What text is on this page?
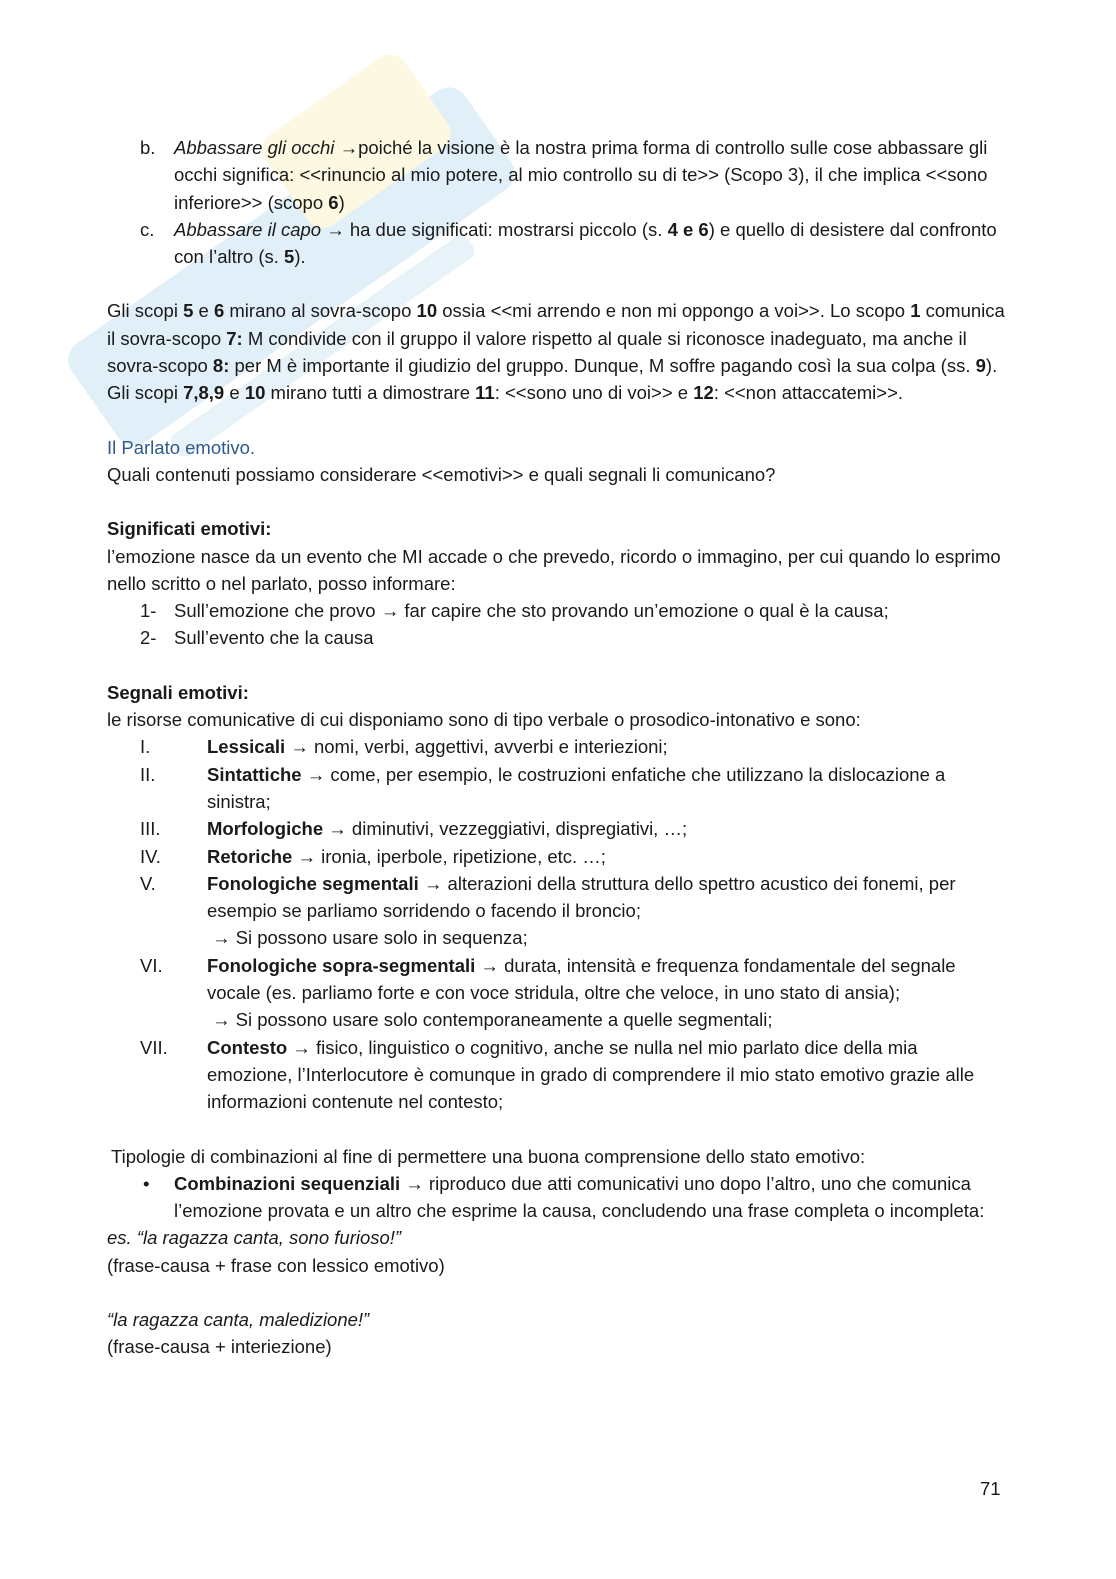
b.	Abbassare gli occhi →poiché la visione è la nostra prima forma di controllo sulle cose abbassare gli occhi significa: <<rinuncio al mio potere, al mio controllo su di te>> (Scopo 3), il che implica <<sono inferiore>> (scopo 6)
c.	Abbassare il capo → ha due significati: mostrarsi piccolo (s. 4 e 6) e quello di desistere dal confronto con l’altro (s. 5).

Gli scopi 5 e 6 mirano al sovra-scopo 10 ossia <<mi arrendo e non mi oppongo a voi>>. Lo scopo 1 comunica il sovra-scopo 7: M condivide con il gruppo il valore rispetto al quale si riconosce inadeguato, ma anche il sovra-scopo 8: per M è importante il giudizio del gruppo. Dunque, M soffre pagando così la sua colpa (ss. 9).

Gli scopi 7,8,9 e 10 mirano tutti a dimostrare 11: <<sono uno di voi>> e 12: <<non attaccatemi>>.

Il Parlato emotivo.

Quali contenuti possiamo considerare <<emotivi>> e quali segnali li comunicano?

Significati emotivi:

l’emozione nasce da un evento che MI accade o che prevedo, ricordo o immagino, per cui quando lo esprimo nello scritto o nel parlato, posso informare:

1- Sull’emozione che provo → far capire che sto provando un’emozione o qual è la causa;
2- Sull’evento che la causa

Segnali emotivi:

le risorse comunicative di cui disponiamo sono di tipo verbale o prosodico-intonativo e sono:

I.	Lessicali → nomi, verbi, aggettivi, avverbi e interiezioni;
II.	Sintattiche → come, per esempio, le costruzioni enfatiche che utilizzano la dislocazione a sinistra;
III.	Morfologiche → diminutivi, vezzeggiativi, dispregiativi, …;
IV.	Retoriche → ironia, iperbole, ripetizione, etc. …;
V.	Fonologiche segmentali → alterazioni della struttura dello spettro acustico dei fonemi, per esempio se parliamo sorridendo o facendo il broncio;

→ Si possono usare solo in sequenza;

VI.	Fonologiche sopra-segmentali → durata, intensità e frequenza fondamentale del segnale vocale (es. parliamo forte e con voce stridula, oltre che veloce, in uno stato di ansia);

→ Si possono usare solo contemporaneamente a quelle segmentali;

VII.	Contesto → fisico, linguistico o cognitivo, anche se nulla nel mio parlato dice della mia emozione, l’Interlocutore è comunque in grado di comprendere il mio stato emotivo grazie alle informazioni contenute nel contesto;

Tipologie di combinazioni al fine di permettere una buona comprensione dello stato emotivo:

•	Combinazioni sequenziali → riproduco due atti comunicativi uno dopo l’altro, uno che comunica l’emozione provata e un altro che esprime la causa, concludendo una frase completa o incompleta:

es. “la ragazza canta, sono furioso!”

(frase-causa + frase con lessico emotivo)

“la ragazza canta, maledizione!”

(frase-causa + interiezione)

71
